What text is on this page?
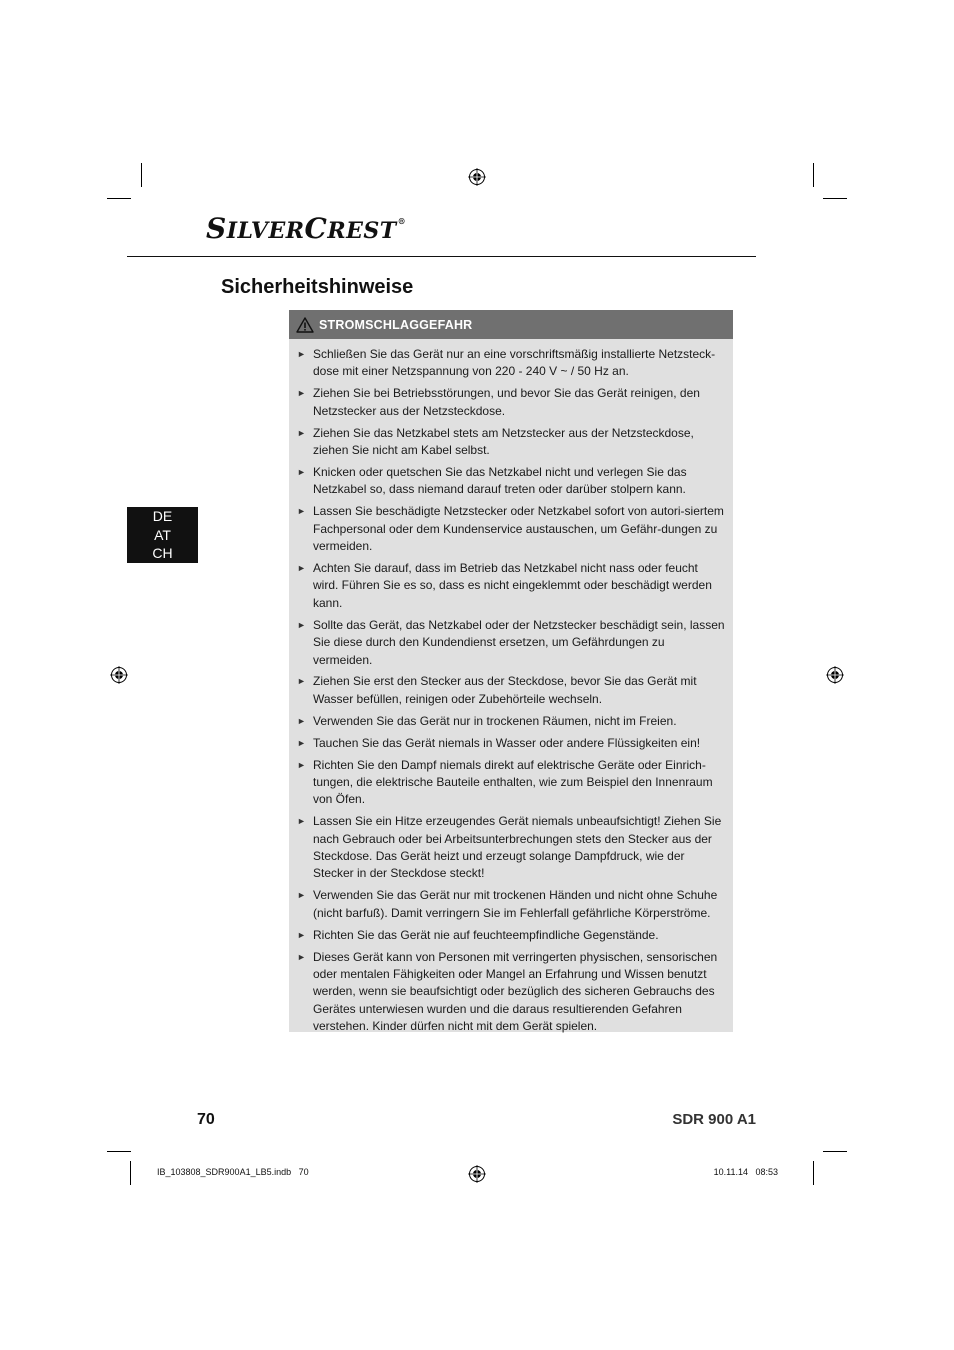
SILVERCREST®
Sicherheitshinweise
DE
AT
CH
STROMSCHLAGGEFAHR
► Schließen Sie das Gerät nur an eine vorschriftsmäßig installierte Netzsteck-dose mit einer Netzspannung von 220 - 240 V ~ / 50 Hz an.
► Ziehen Sie bei Betriebsstörungen, und bevor Sie das Gerät reinigen, den Netzstecker aus der Netzsteckdose.
► Ziehen Sie das Netzkabel stets am Netzstecker aus der Netzsteckdose, ziehen Sie nicht am Kabel selbst.
► Knicken oder quetschen Sie das Netzkabel nicht und verlegen Sie das Netzkabel so, dass niemand darauf treten oder darüber stolpern kann.
► Lassen Sie beschädigte Netzstecker oder Netzkabel sofort von autori-siertem Fachpersonal oder dem Kundenservice austauschen, um Gefähr-dungen zu vermeiden.
► Achten Sie darauf, dass im Betrieb das Netzkabel nicht nass oder feucht wird. Führen Sie es so, dass es nicht eingeklemmt oder beschädigt werden kann.
► Sollte das Gerät, das Netzkabel oder der Netzstecker beschädigt sein, lassen Sie diese durch den Kundendienst ersetzen, um Gefährdungen zu vermeiden.
► Ziehen Sie erst den Stecker aus der Steckdose, bevor Sie das Gerät mit Wasser befüllen, reinigen oder Zubehörteile wechseln.
► Verwenden Sie das Gerät nur in trockenen Räumen, nicht im Freien.
► Tauchen Sie das Gerät niemals in Wasser oder andere Flüssigkeiten ein!
► Richten Sie den Dampf niemals direkt auf elektrische Geräte oder Einrich-tungen, die elektrische Bauteile enthalten, wie zum Beispiel den Innenraum von Öfen.
► Lassen Sie ein Hitze erzeugendes Gerät niemals unbeaufsichtigt! Ziehen Sie nach Gebrauch oder bei Arbeitsunterbrechungen stets den Stecker aus der Steckdose. Das Gerät heizt und erzeugt solange Dampfdruck, wie der Stecker in der Steckdose steckt!
► Verwenden Sie das Gerät nur mit trockenen Händen und nicht ohne Schuhe (nicht barfuß). Damit verringern Sie im Fehlerfall gefährliche Körperströme.
► Richten Sie das Gerät nie auf feuchteempfindliche Gegenstände.
► Dieses Gerät kann von Personen mit verringerten physischen, sensorischen oder mentalen Fähigkeiten oder Mangel an Erfahrung und Wissen benutzt werden, wenn sie beaufsichtigt oder bezüglich des sicheren Gebrauchs des Gerätes unterwiesen wurden und die daraus resultierenden Gefahren verstehen. Kinder dürfen nicht mit dem Gerät spielen.
70	SDR 900 A1
IB_103808_SDR900A1_LB5.indb   70	10.11.14   08:53
